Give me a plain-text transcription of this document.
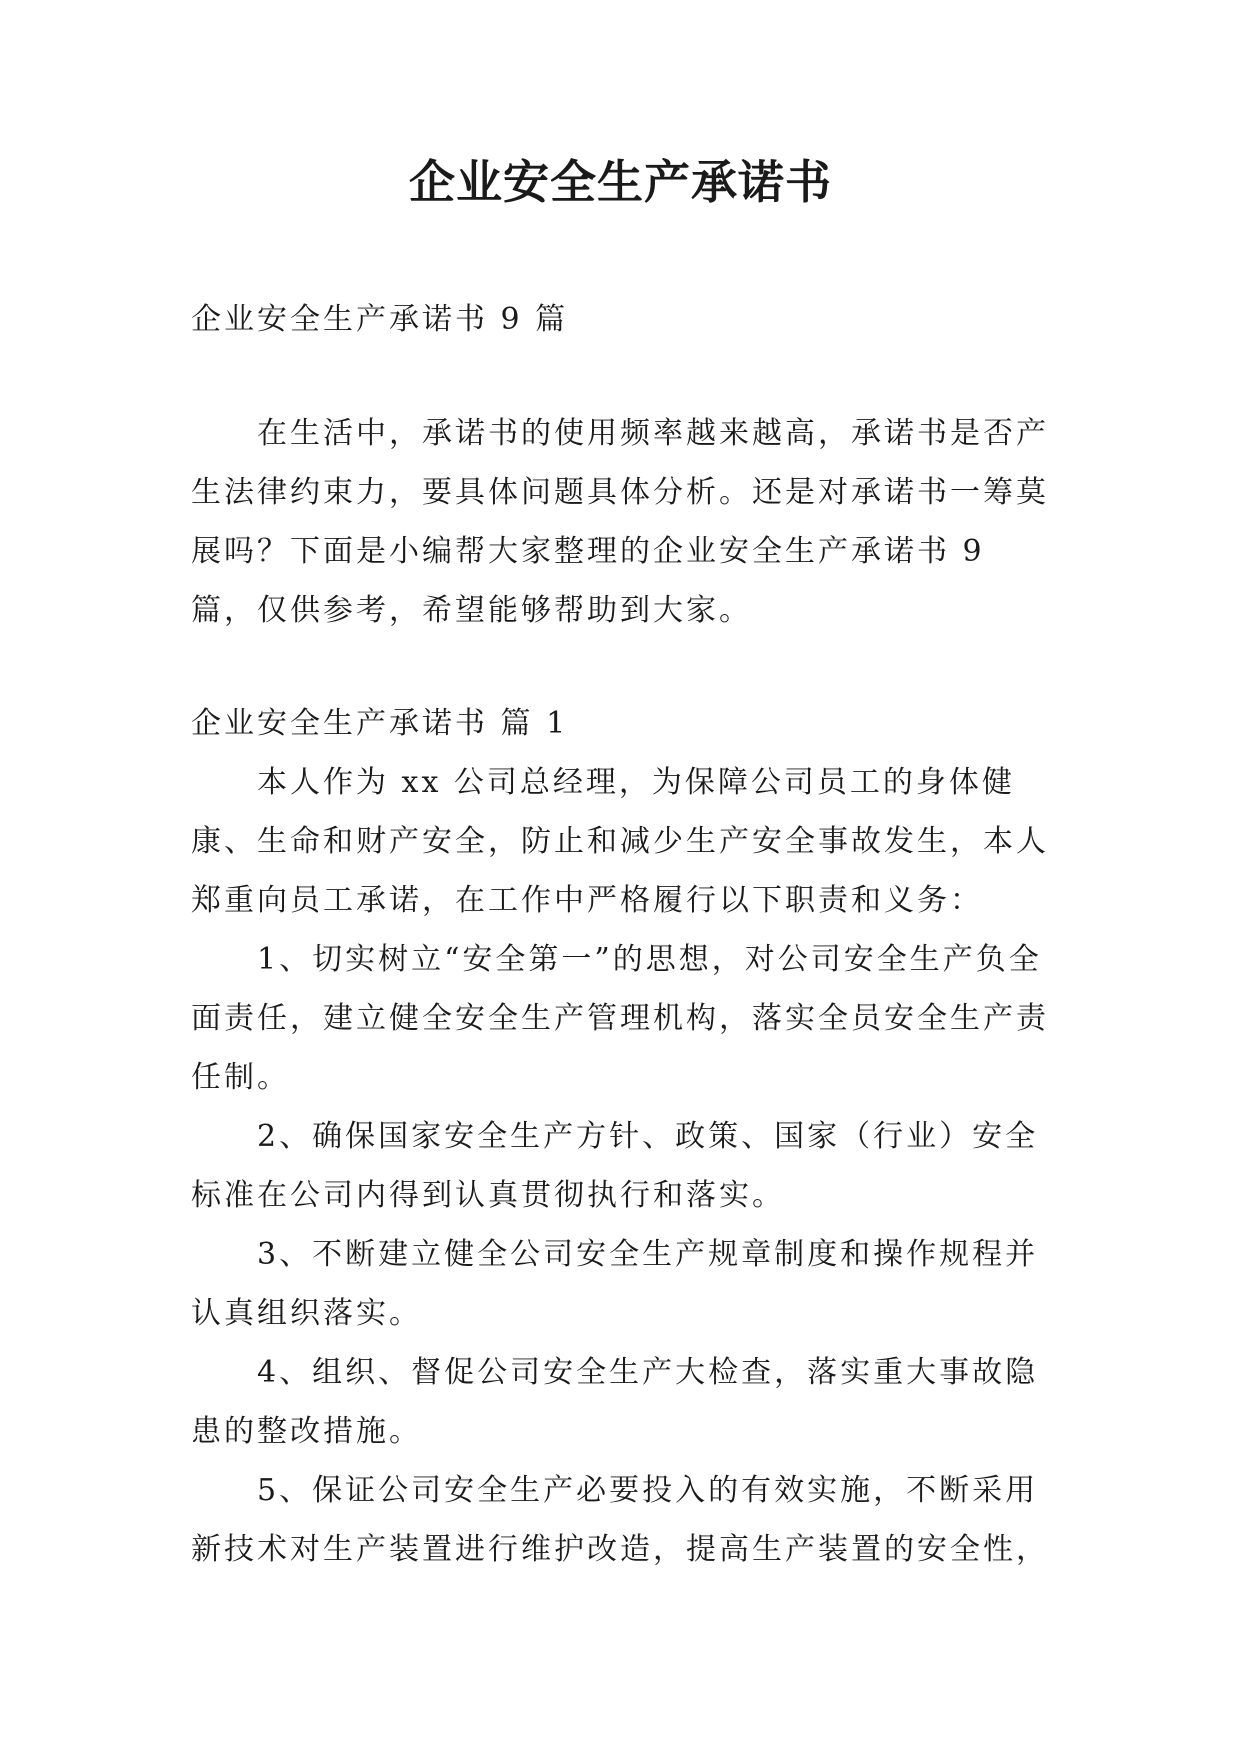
企业安全生产承诺书

企业安全生产承诺书 9 篇

在生活中，承诺书的使用频率越来越高，承诺书是否产生法律约束力，要具体问题具体分析。还是对承诺书一筹莫展吗？下面是小编帮大家整理的企业安全生产承诺书 9 篇，仅供参考，希望能够帮助到大家。

企业安全生产承诺书 篇 1

本人作为 xx 公司总经理，为保障公司员工的身体健康、生命和财产安全，防止和减少生产安全事故发生，本人郑重向员工承诺，在工作中严格履行以下职责和义务：

1、切实树立“安全第一”的思想，对公司安全生产负全面责任，建立健全安全生产管理机构，落实全员安全生产责任制。

2、确保国家安全生产方针、政策、国家（行业）安全标准在公司内得到认真贯彻执行和落实。

3、不断建立健全公司安全生产规章制度和操作规程并认真组织落实。

4、组织、督促公司安全生产大检查，落实重大事故隐患的整改措施。

5、保证公司安全生产必要投入的有效实施，不断采用新技术对生产装置进行维护改造，提高生产装置的安全性，
